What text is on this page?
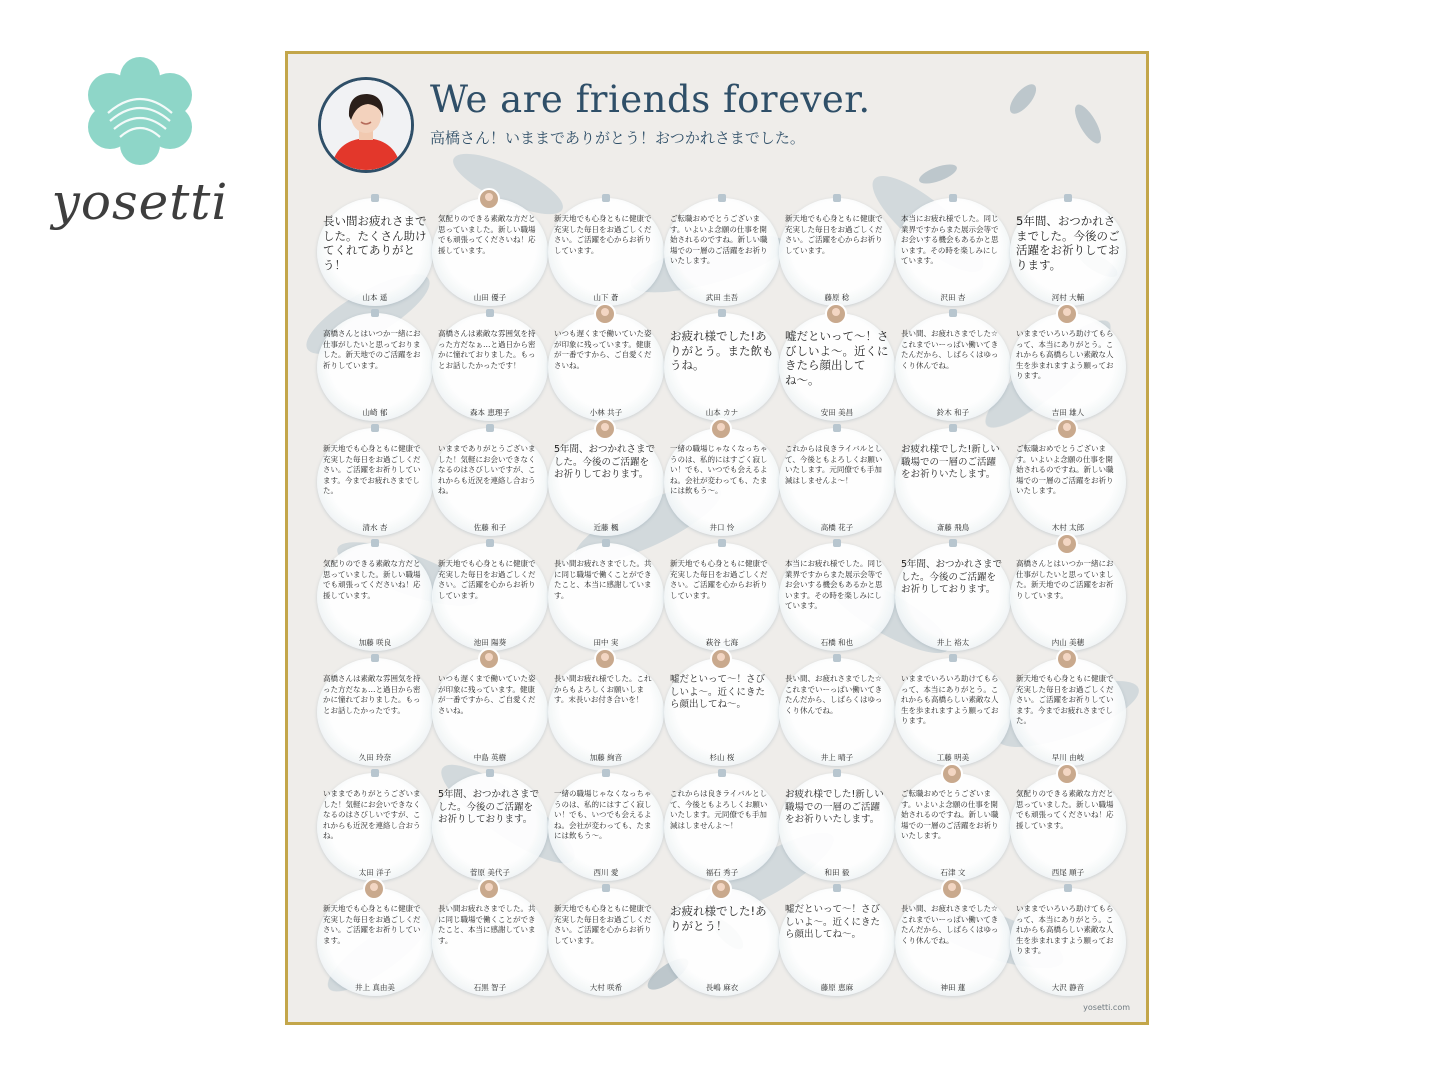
yosetti
We are friends forever.
高橋さん！いままでありがとう！おつかれさまでした。
長い間お疲れさまでした。たくさん助けてくれてありがとう！
山本 遥
気配りのできる素敵な方だと思っていました。新しい職場でも頑張ってくださいね！応援しています。
山田 優子
新天地でも心身ともに健康で充実した毎日をお過ごしください。ご活躍を心からお祈りしています。
山下 蒼
ご転職おめでとうございます。いよいよ念願の仕事を開始されるのですね。新しい職場での一層のご活躍をお祈りいたします。
武田 圭吾
新天地でも心身ともに健康で充実した毎日をお過ごしください。ご活躍を心からお祈りしています。
藤原 稔
本当にお疲れ様でした。同じ業界ですからまた展示会等でお会いする機会もあるかと思います。その時を楽しみにしています。
沢田 杏
5年間、おつかれさまでした。今後のご活躍をお祈りしております。
河村 大輔
高橋さんとはいつか一緒にお仕事がしたいと思っておりました。新天地でのご活躍をお祈りしています。
山崎 郁
高橋さんは素敵な雰囲気を持った方だなぁ…と過日から密かに憧れておりました。もっとお話したかったです！
森本 恵理子
いつも遅くまで働いていた姿が印象に残っています。健康が一番ですから、ご自愛くださいね。
小林 共子
お疲れ様でした!ありがとう。また飲もうね。
山本 カナ
嘘だといって〜！さびしいよ〜。近くにきたら顔出してね〜。
安田 美昌
長い間、お疲れさまでした☆これまでいーっぱい働いてきたんだから、しばらくはゆっくり休んでね。
鈴木 和子
いままでいろいろ助けてもらって、本当にありがとう。これからも高橋らしい素敵な人生を歩まれますよう願っております。
吉田 雄人
新天地でも心身ともに健康で充実した毎日をお過ごしください。ご活躍をお祈りしています。今までお疲れさまでした。
清水 杏
いままでありがとうございました！気軽にお会いできなくなるのはさびしいですが、これからも近況を連絡し合おうね。
佐藤 和子
5年間、おつかれさまでした。今後のご活躍をお祈りしております。
近藤 楓
一緒の職場じゃなくなっちゃうのは、私的にはすごく寂しい！でも、いつでも会えるよね。会社が変わっても、たまには飲もう〜。
井口 怜
これからは良きライバルとして、今後ともよろしくお願いいたします。元同僚でも手加減はしませんよ〜！
高橋 花子
お疲れ様でした!新しい職場での一層のご活躍をお祈りいたします。
斎藤 飛鳥
ご転職おめでとうございます。いよいよ念願の仕事を開始されるのですね。新しい職場での一層のご活躍をお祈りいたします。
木村 太郎
気配りのできる素敵な方だと思っていました。新しい職場でも頑張ってくださいね！応援しています。
加藤 咲良
新天地でも心身ともに健康で充実した毎日をお過ごしください。ご活躍を心からお祈りしています。
池田 陽葵
長い間お疲れさまでした。共に同じ職場で働くことができたこと、本当に感謝しています。
田中 実
新天地でも心身ともに健康で充実した毎日をお過ごしください。ご活躍を心からお祈りしています。
萩谷 七海
本当にお疲れ様でした。同じ業界ですからまた展示会等でお会いする機会もあるかと思います。その時を楽しみにしています。
石橋 和也
5年間、おつかれさまでした。今後のご活躍をお祈りしております。
井上 裕太
高橋さんとはいつか一緒にお仕事がしたいと思っていました。新天地でのご活躍をお祈りしています。
内山 美穂
高橋さんは素敵な雰囲気を持った方だなぁ…と過日から密かに憧れておりました。もっとお話したかったです。
久田 玲奈
いつも遅くまで働いていた姿が印象に残っています。健康が一番ですから、ご自愛くださいね。
中島 英樹
長い間お疲れ様でした。これからもよろしくお願いします。末長いお付き合いを！
加藤 絢音
嘘だといって〜！さびしいよ〜。近くにきたら顔出してね〜。
杉山 桜
長い間、お疲れさまでした☆これまでいーっぱい働いてきたんだから、しばらくはゆっくり休んでね。
井上 晴子
いままでいろいろ助けてもらって、本当にありがとう。これからも高橋らしい素敵な人生を歩まれますよう願っております。
工藤 明美
新天地でも心身ともに健康で充実した毎日をお過ごしください。ご活躍をお祈りしています。今までお疲れさまでした。
早川 由岐
いままでありがとうございました！気軽にお会いできなくなるのはさびしいですが、これからも近況を連絡し合おうね。
太田 洋子
5年間、おつかれさまでした。今後のご活躍をお祈りしております。
菅原 美代子
一緒の職場じゃなくなっちゃうのは、私的にはすごく寂しい！でも、いつでも会えるよね。会社が変わっても、たまには飲もう〜。
西川 愛
これからは良きライバルとして、今後ともよろしくお願いいたします。元同僚でも手加減はしませんよ〜！
福石 秀子
お疲れ様でした!新しい職場での一層のご活躍をお祈りいたします。
和田 毅
ご転職おめでとうございます。いよいよ念願の仕事を開始されるのですね。新しい職場での一層のご活躍をお祈りいたします。
石津 文
気配りのできる素敵な方だと思っていました。新しい職場でも頑張ってくださいね！応援しています。
西尾 順子
新天地でも心身ともに健康で充実した毎日をお過ごしください。ご活躍をお祈りしています。
井上 真由美
長い間お疲れさまでした。共に同じ職場で働くことができたこと、本当に感謝しています。
石黒 智子
新天地でも心身ともに健康で充実した毎日をお過ごしください。ご活躍を心からお祈りしています。
大村 咲希
お疲れ様でした!ありがとう！
長嶋 麻衣
嘘だといって〜！さびしいよ〜。近くにきたら顔出してね〜。
藤原 恵麻
長い間、お疲れさまでした☆これまでいーっぱい働いてきたんだから、しばらくはゆっくり休んでね。
神田 蓮
いままでいろいろ助けてもらって、本当にありがとう。これからも高橋らしい素敵な人生を歩まれますよう願っております。
大沢 静音
yosetti.com
